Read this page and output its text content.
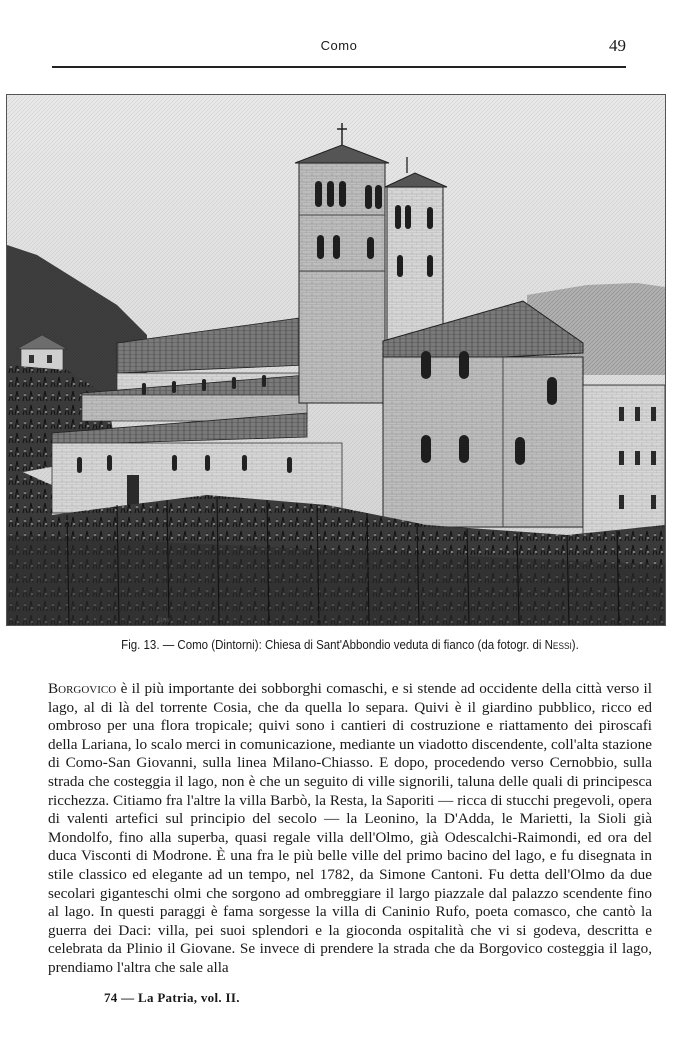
Como	49
Strer
Fig. 13. — Como (Dintorni): Chiesa di Sant'Abbondio veduta di fianco (da fotogr. di Nessi).
Borgovico è il più importante dei sobborghi comaschi, e si stende ad occidente della città verso il lago, al di là del torrente Cosia, che da quella lo separa. Quivi è il giardino pubblico, ricco ed ombroso per una flora tropicale; quivi sono i cantieri di costruzione e riattamento dei piroscafi della Lariana, lo scalo merci in comunicazione, mediante un viadotto discendente, coll'alta stazione di Como-San Giovanni, sulla linea Milano-Chiasso. E dopo, procedendo verso Cernobbio, sulla strada che costeggia il lago, non è che un seguito di ville signorili, taluna delle quali di principesca ricchezza. Citiamo fra l'altre la villa Barbò, la Resta, la Saporiti — ricca di stucchi pregevoli, opera di valenti artefici sul principio del secolo — la Leonino, la D'Adda, le Marietti, la Sioli già Mondolfo, fino alla superba, quasi regale villa dell'Olmo, già Odescalchi-Raimondi, ed ora del duca Visconti di Modrone. È una fra le più belle ville del primo bacino del lago, e fu disegnata in stile classico ed elegante ad un tempo, nel 1782, da Simone Cantoni. Fu detta dell'Olmo da due secolari giganteschi olmi che sorgono ad ombreggiare il largo piazzale dal palazzo scendente fino al lago. In questi paraggi è fama sorgesse la villa di Caninio Rufo, poeta comasco, che cantò la guerra dei Daci: villa, pei suoi splendori e la gioconda ospitalità che vi si godeva, descritta e celebrata da Plinio il Giovane. Se invece di prendere la strada che da Borgovico costeggia il lago, prendiamo l'altra che sale alla
74 — La Patria, vol. II.
